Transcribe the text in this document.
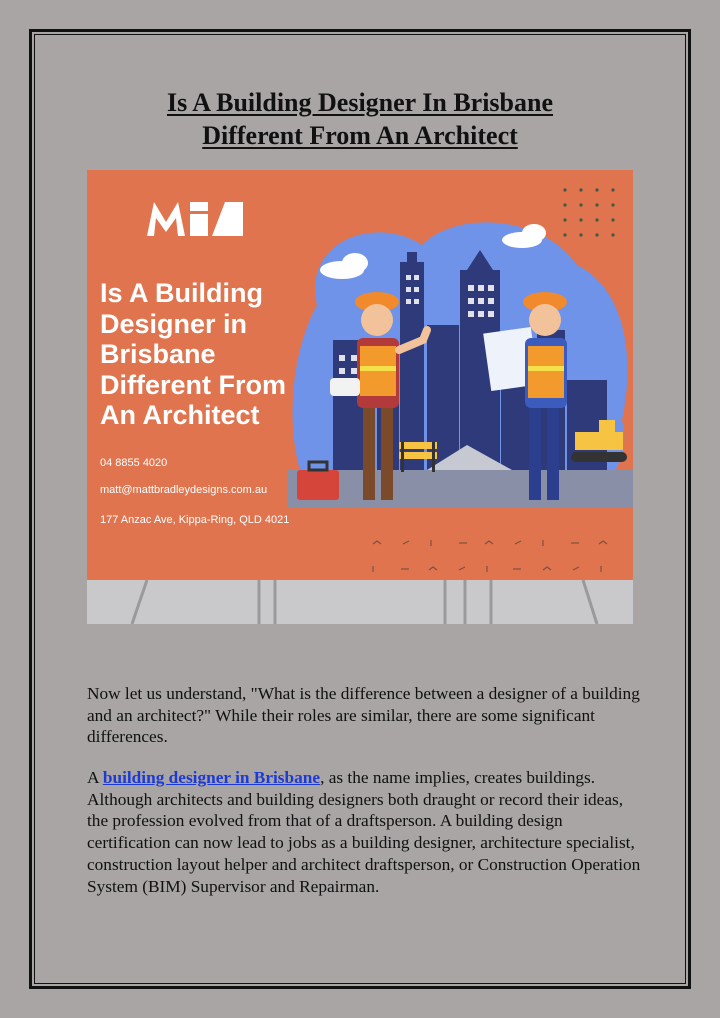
Is A Building Designer In Brisbane
Different From An Architect
Is A Building
Designer in
Brisbane
Different From
An Architect
04 8855 4020
matt@mattbradleydesigns.com.au
177 Anzac Ave, Kippa-Ring, QLD 4021

Now let us understand, "What is the difference between a designer of a building and an architect?" While their roles are similar, there are some significant differences.

A building designer in Brisbane, as the name implies, creates buildings. Although architects and building designers both draught or record their ideas, the profession evolved from that of a draftsperson. A building design certification can now lead to jobs as a building designer, architecture specialist, construction layout helper and architect draftsperson, or Construction Operation System (BIM) Supervisor and Repairman.
